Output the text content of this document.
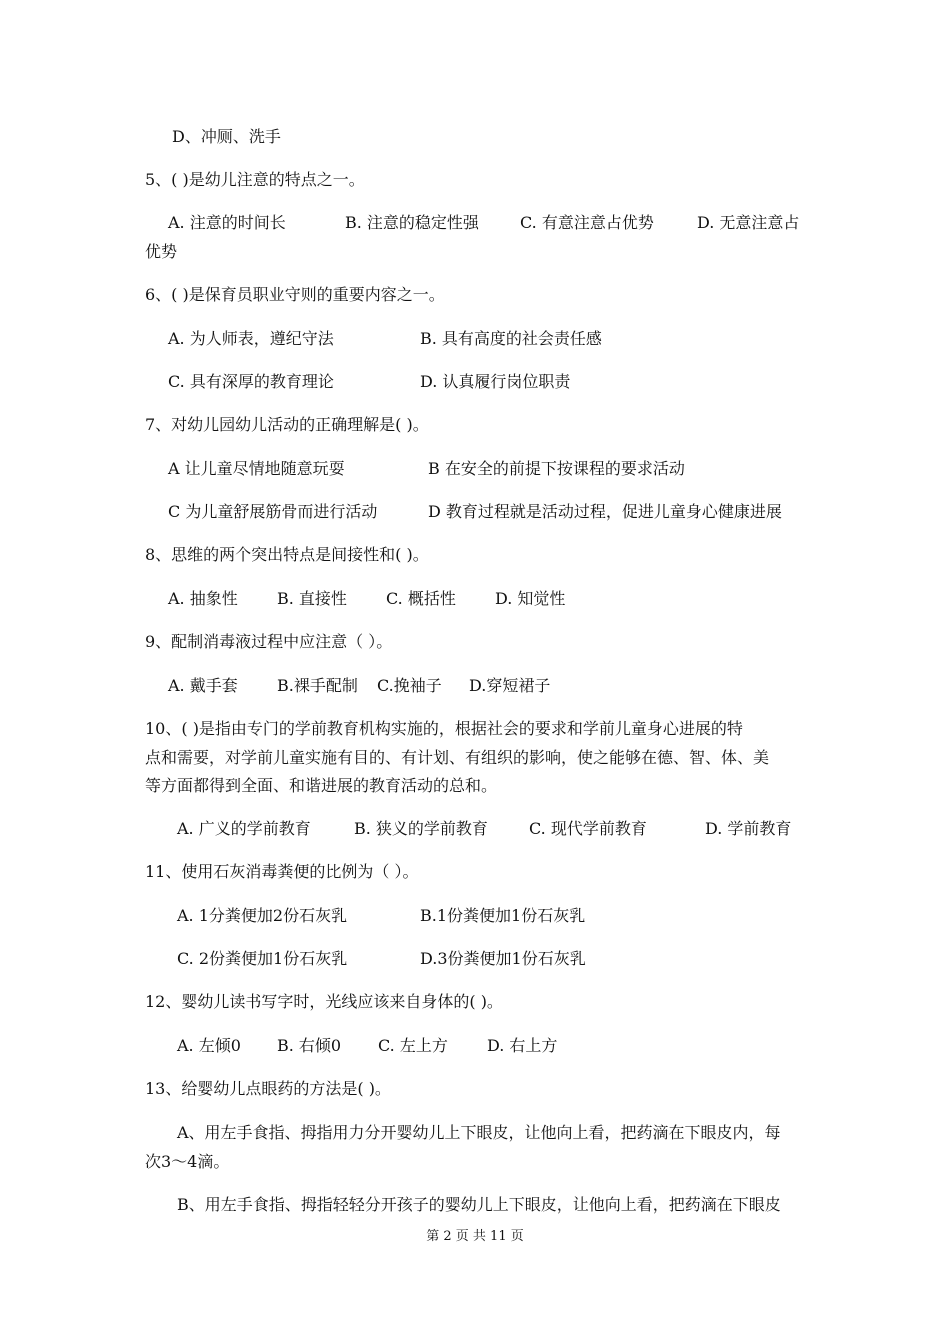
D、冲厕、洗手
5、( )是幼儿注意的特点之一。
A. 注意的时间长	B. 注意的稳定性强	C. 有意注意占优势	D. 无意注意占
优势
6、( )是保育员职业守则的重要内容之一。
A. 为人师表，遵纪守法	B. 具有高度的社会责任感
C. 具有深厚的教育理论	D. 认真履行岗位职责
7、对幼儿园幼儿活动的正确理解是( )。
A 让儿童尽情地随意玩耍	B 在安全的前提下按课程的要求活动
C 为儿童舒展筋骨而进行活动	D 教育过程就是活动过程，促进儿童身心健康进展
8、思维的两个突出特点是间接性和( )。
A. 抽象性 B. 直接性 C. 概括性 D. 知觉性
9、配制消毒液过程中应注意（ ）。
A. 戴手套 B.裸手配制 C.挽袖子 D.穿短裙子
10、( )是指由专门的学前教育机构实施的，根据社会的要求和学前儿童身心进展的特
点和需要，对学前儿童实施有目的、有计划、有组织的影响，使之能够在德、智、体、美
等方面都得到全面、和谐进展的教育活动的总和。
A. 广义的学前教育	B. 狭义的学前教育	C. 现代学前教育	D. 学前教育
11、使用石灰消毒粪便的比例为（ ）。
A. 1分粪便加2份石灰乳	B.1份粪便加1份石灰乳
C. 2份粪便加1份石灰乳	D.3份粪便加1份石灰乳
12、婴幼儿读书写字时，光线应该来自身体的( )。
A. 左倾0 B. 右倾0 C. 左上方 D. 右上方
13、给婴幼儿点眼药的方法是( )。
A、用左手食指、拇指用力分开婴幼儿上下眼皮，让他向上看，把药滴在下眼皮内，每
次3～4滴。
B、用左手食指、拇指轻轻分开孩子的婴幼儿上下眼皮，让他向上看，把药滴在下眼皮
第 2 页 共 11 页
